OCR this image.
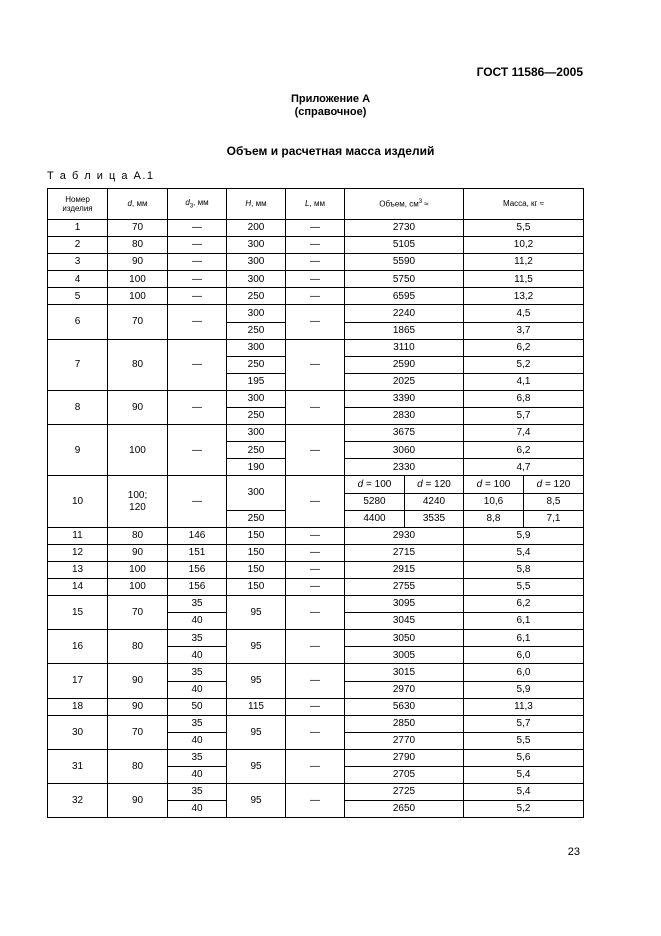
ГОСТ 11586—2005
Приложение А
(справочное)
Объем и расчетная масса изделий
Т а б л и ц а А.1
Номер
изделия	d, мм	$d_3$, мм	H, мм	L, мм	Объем, $см^3$ ≈		Масса, кг ≈	
1	70	—	200	—	2730		5,5	
2	80	—	300	—	5105		10,2	
3	90	—	300	—	5590		11,2	
4	100	—	300	—	5750		11,5	
5	100	—	250	—	6595		13,2	
6	70	—	300	—	2240		4,5	
			250		1865		3,7	
7	80	—	300	—	3110		6,2	
			250		2590		5,2	
			195		2025		4,1	
8	90	—	300	—	3390		6,8	
			250		2830		5,7	
9	100	—	300	—	3675		7,4	
			250		3060		6,2	
			190		2330		4,7	
10	100;
120	—	300	—	d = 100	d = 120	d = 100	d = 120
					5280	4240	10,6	8,5
			250		4400	3535	8,8	7,1
11	80	146	150	—	2930		5,9	
12	90	151	150	—	2715		5,4	
13	100	156	150	—	2915		5,8	
14	100	156	150	—	2755		5,5	
15	70	35	95	—	3095		6,2	
		40			3045		6,1	
16	80	35	95	—	3050		6,1	
		40			3005		6,0	
17	90	35	95	—	3015		6,0	
		40			2970		5,9	
18	90	50	115	—	5630		11,3	
30	70	35	95	—	2850		5,7	
		40			2770		5,5	
31	80	35	95	—	2790		5,6	
		40			2705		5,4	
32	90	35	95	—	2725		5,4	
		40			2650		5,2	
23
